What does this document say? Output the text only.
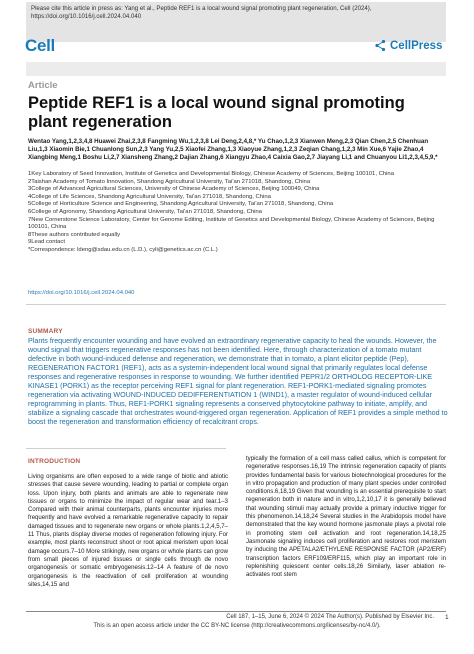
Please cite this article in press as: Yang et al., Peptide REF1 is a local wound signal promoting plant regeneration, Cell (2024), https://doi.org/10.1016/j.cell.2024.04.040
Cell	CellPress
Article
Peptide REF1 is a local wound signal promoting plant regeneration
Wentao Yang,1,2,3,4,8 Huawei Zhai,2,3,8 Fangming Wu,1,2,3,8 Lei Deng,2,4,8,* Yu Chao,1,2,3 Xianwen Meng,2,3 Qian Chen,2,5 Chenhuan Liu,1,3 Xiaomin Bie,1 Chuanlong Sun,2,3 Yang Yu,2,5 Xiaofei Zhang,1,3 Xiaoyue Zhang,1,2,3 Zeqian Chang,1,2,3 Min Xue,6 Yajie Zhao,4 Xiangbing Meng,1 Boshu Li,2,7 Xiansheng Zhang,2 Dajian Zhang,6 Xiangyu Zhao,4 Caixia Gao,2,7 Jiayang Li,1 and Chuanyou Li1,2,3,4,5,9,*
1Key Laboratory of Seed Innovation, Institute of Genetics and Developmental Biology, Chinese Academy of Sciences, Beijing 100101, China
2Taishan Academy of Tomato Innovation, Shandong Agricultural University, Tai'an 271018, Shandong, China
3College of Advanced Agricultural Sciences, University of Chinese Academy of Sciences, Beijing 100049, China
4College of Life Sciences, Shandong Agricultural University, Tai'an 271018, Shandong, China
5College of Horticulture Science and Engineering, Shandong Agricultural University, Tai'an 271018, Shandong, China
6College of Agronomy, Shandong Agricultural University, Tai'an 271018, Shandong, China
7New Cornerstone Science Laboratory, Center for Genome Editing, Institute of Genetics and Developmental Biology, Chinese Academy of Sciences, Beijing 100101, China
8These authors contributed equally
9Lead contact
*Correspondence: ldeng@sdau.edu.cn (L.D.), cyli@genetics.ac.cn (C.L.)
https://doi.org/10.1016/j.cell.2024.04.040
SUMMARY
Plants frequently encounter wounding and have evolved an extraordinary regenerative capacity to heal the wounds. However, the wound signal that triggers regenerative responses has not been identified. Here, through characterization of a tomato mutant defective in both wound-induced defense and regeneration, we demonstrate that in tomato, a plant elicitor peptide (Pep), REGENERATION FACTOR1 (REF1), acts as a systemin-independent local wound signal that primarily regulates local defense responses and regenerative responses in response to wounding. We further identified PEPR1/2 ORTHOLOG RECEPTOR-LIKE KINASE1 (PORK1) as the receptor perceiving REF1 signal for plant regeneration. REF1-PORK1-mediated signaling promotes regeneration via activating WOUND-INDUCED DEDIFFERENTIATION 1 (WIND1), a master regulator of wound-induced cellular reprogramming in plants. Thus, REF1-PORK1 signaling represents a conserved phytocytokine pathway to initiate, amplify, and stabilize a signaling cascade that orchestrates wound-triggered organ regeneration. Application of REF1 provides a simple method to boost the regeneration and transformation efficiency of recalcitrant crops.
INTRODUCTION
Living organisms are often exposed to a wide range of biotic and abiotic stresses that cause severe wounding, leading to partial or complete organ loss. Upon injury, both plants and animals are able to regenerate new tissues or organs to minimize the impact of regular wear and tear.1–3 Compared with their animal counterparts, plants encounter injuries more frequently and have evolved a remarkable regenerative capacity to repair damaged tissues and to regenerate new organs or whole plants.1,2,4,5,7–11 Thus, plants display diverse modes of regeneration following injury. For example, most plants reconstruct shoot or root apical meristem upon local damage occurs.7–10 More strikingly, new organs or whole plants can grow from small pieces of injured tissues or single cells through de novo organogenesis or somatic embryogenesis.12–14 A feature of de novo organogenesis is the reactivation of cell proliferation at wounding sites,14,15 and
typically the formation of a cell mass called callus, which is competent for regenerative responses.16,19 The intrinsic regeneration capacity of plants provides fundamental basis for various biotechnological procedures for the in vitro propagation and production of many plant species under controlled conditions.6,18,19 Given that wounding is an essential prerequisite to start regeneration both in nature and in vitro,1,2,10,17 it is generally believed that wounding stimuli may actually provide a primary inductive trigger for this phenomenon.14,18,24 Several studies in the Arabidopsis model have demonstrated that the key wound hormone jasmonate plays a pivotal role in promoting stem cell activation and root regeneration.14,18,25 Jasmonate signaling induces cell proliferation and restores root meristem by inducing the APETALA2/ETHYLENE RESPONSE FACTOR (AP2/ERF) transcription factors ERF109/ERF115, which play an important role in replenishing quiescent center cells.18,26 Similarly, laser ablation re-activates root stem
Cell 187, 1–15, June 6, 2024 © 2024 The Author(s). Published by Elsevier Inc. 1
This is an open access article under the CC BY-NC license (http://creativecommons.org/licenses/by-nc/4.0/).
